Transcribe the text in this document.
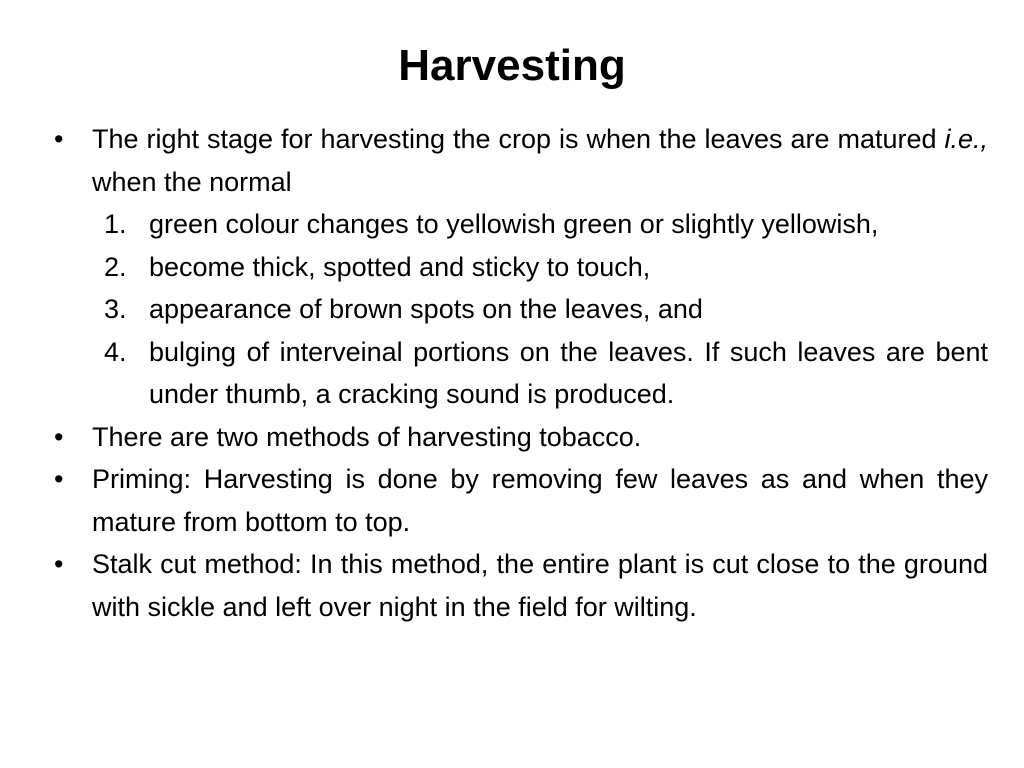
Harvesting
•	The right stage for harvesting the crop is when the leaves are matured i.e., when the normal
1. green colour changes to yellowish green or slightly yellowish,
2. become thick, spotted and sticky to touch,
3. appearance of brown spots on the leaves, and
4. bulging of interveinal portions on the leaves. If such leaves are bent under thumb, a cracking sound is produced.
•	There are two methods of harvesting tobacco.
•	Priming: Harvesting is done by removing few leaves as and when they mature from bottom to top.
•	Stalk cut method: In this method, the entire plant is cut close to the ground with sickle and left over night in the field for wilting.
